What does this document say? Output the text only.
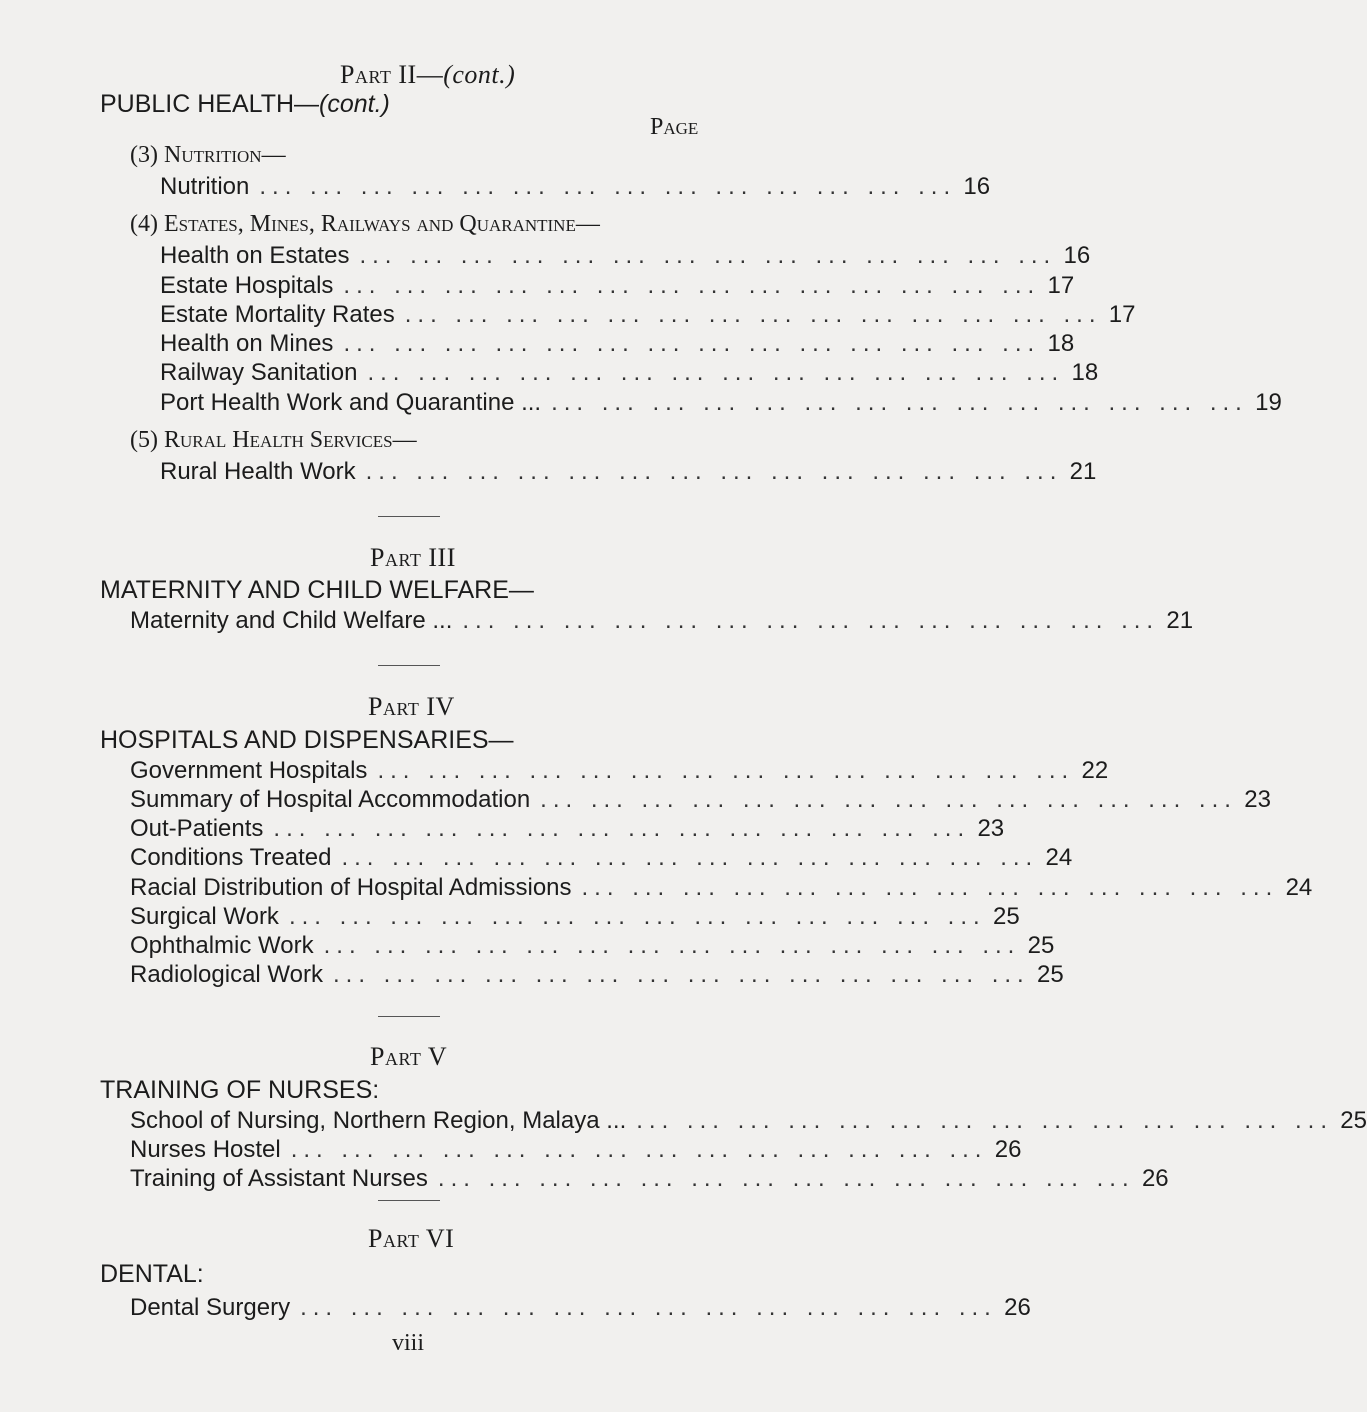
Part II—(cont.)
PUBLIC HEALTH—(cont.)
Page
(3) Nutrition—
Nutrition ... ... ... ... ... ... ... ... ... ... ... ... ... ... 16
(4) Estates, Mines, Railways and Quarantine—
Health on Estates ... ... ... ... ... ... ... ... ... ... ... ... ... ... 16
Estate Hospitals ... ... ... ... ... ... ... ... ... ... ... ... ... ... 17
Estate Mortality Rates ... ... ... ... ... ... ... ... ... ... ... ... ... ... 17
Health on Mines ... ... ... ... ... ... ... ... ... ... ... ... ... ... 18
Railway Sanitation ... ... ... ... ... ... ... ... ... ... ... ... ... ... 18
Port Health Work and Quarantine ... ... ... ... ... ... ... ... ... ... ... ... ... ... ... 19
(5) Rural Health Services—
Rural Health Work ... ... ... ... ... ... ... ... ... ... ... ... ... ... 21
Part III
MATERNITY AND CHILD WELFARE—
Maternity and Child Welfare ... ... ... ... ... ... ... ... ... ... ... ... ... ... ... 21
Part IV
HOSPITALS AND DISPENSARIES—
Government Hospitals ... ... ... ... ... ... ... ... ... ... ... ... ... ... 22
Summary of Hospital Accommodation ... ... ... ... ... ... ... ... ... ... ... ... ... ... 23
Out-Patients ... ... ... ... ... ... ... ... ... ... ... ... ... ... 23
Conditions Treated ... ... ... ... ... ... ... ... ... ... ... ... ... ... 24
Racial Distribution of Hospital Admissions ... ... ... ... ... ... ... ... ... ... ... ... ... ... 24
Surgical Work ... ... ... ... ... ... ... ... ... ... ... ... ... ... 25
Ophthalmic Work ... ... ... ... ... ... ... ... ... ... ... ... ... ... 25
Radiological Work ... ... ... ... ... ... ... ... ... ... ... ... ... ... 25
Part V
TRAINING OF NURSES:
School of Nursing, Northern Region, Malaya ... ... ... ... ... ... ... ... ... ... ... ... ... ... ... 25
Nurses Hostel ... ... ... ... ... ... ... ... ... ... ... ... ... ... 26
Training of Assistant Nurses ... ... ... ... ... ... ... ... ... ... ... ... ... ... 26
Part VI
DENTAL:
Dental Surgery ... ... ... ... ... ... ... ... ... ... ... ... ... ... 26
viii
